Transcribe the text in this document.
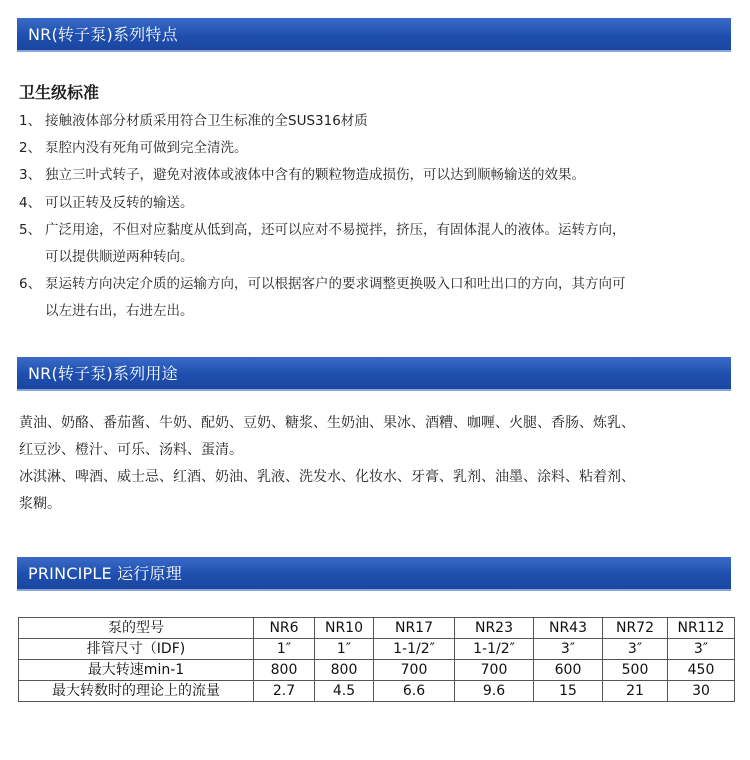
NR(转子泵)系列特点
卫生级标准
1、 接触液体部分材质采用符合卫生标准的全SUS316材质
2、 泵腔内没有死角可做到完全清洗。
3、 独立三叶式转子，避免对液体或液体中含有的颗粒物造成损伤，可以达到顺畅输送的效果。
4、 可以正转及反转的输送。
5、 广泛用途，不但对应黏度从低到高，还可以应对不易搅拌，挤压，有固体混人的液体。运转方向，
可以提供顺逆两种转向。
6、 泵运转方向决定介质的运输方向，可以根据客户的要求调整更换吸入口和吐出口的方向，其方向可
以左进右出，右进左出。
NR(转子泵)系列用途

黄油、奶酪、番茄酱、牛奶、配奶、豆奶、糖浆、生奶油、果冰、酒糟、咖喱、火腿、香肠、炼乳、

红豆沙、橙汁、可乐、汤料、蛋清。

冰淇淋、啤酒、威士忌、红酒、奶油、乳液、洗发水、化妆水、牙膏、乳剂、油墨、涂料、粘着剂、

浆糊。

PRINCIPLE 运行原理
泵的型号	NR6	NR10	NR17	NR23	NR43	NR72	NR112
排管尺寸（IDF)	1″	1″	1-1/2″	1-1/2″	3″	3″	3″
最大转速min-1	800	800	700	700	600	500	450
最大转数时的理论上的流量	2.7	4.5	6.6	9.6	15	21	30
